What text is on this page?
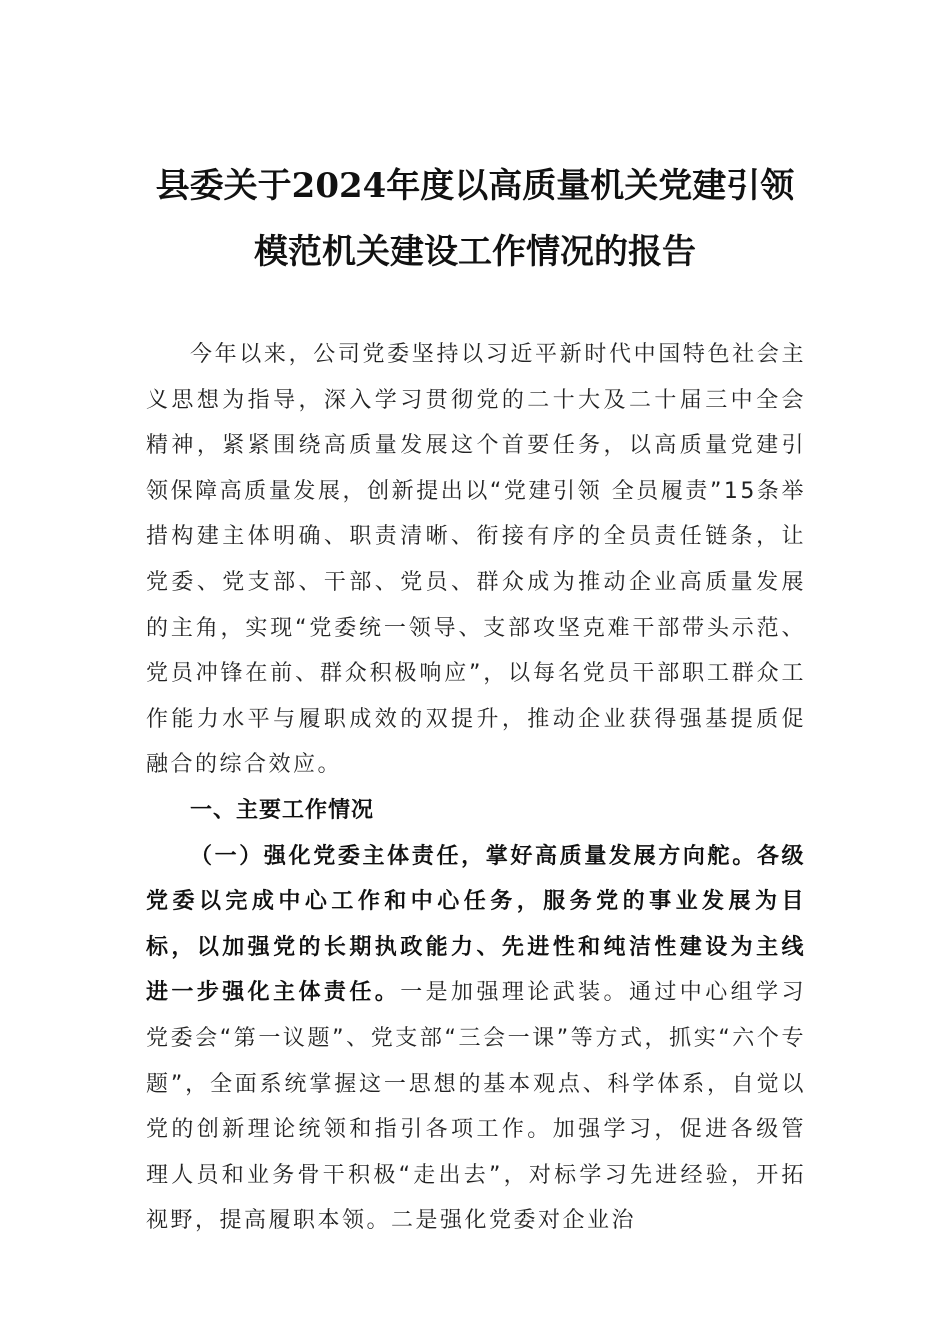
县委关于2024年度以高质量机关党建引领
模范机关建设工作情况的报告

今年以来，公司党委坚持以习近平新时代中国特色社会主义思想为指导，深入学习贯彻党的二十大及二十届三中全会精神，紧紧围绕高质量发展这个首要任务，以高质量党建引领保障高质量发展，创新提出以“党建引领 全员履责”15条举措构建主体明确、职责清晰、衔接有序的全员责任链条，让党委、党支部、干部、党员、群众成为推动企业高质量发展的主角，实现“党委统一领导、支部攻坚克难干部带头示范、党员冲锋在前、群众积极响应”，以每名党员干部职工群众工作能力水平与履职成效的双提升，推动企业获得强基提质促融合的综合效应。

一、主要工作情况

（一）强化党委主体责任，掌好高质量发展方向舵。各级党委以完成中心工作和中心任务，服务党的事业发展为目标，以加强党的长期执政能力、先进性和纯洁性建设为主线进一步强化主体责任。一是加强理论武装。通过中心组学习党委会“第一议题”、党支部“三会一课”等方式，抓实“六个专题”，全面系统掌握这一思想的基本观点、科学体系，自觉以党的创新理论统领和指引各项工作。加强学习，促进各级管理人员和业务骨干积极“走出去”，对标学习先进经验，开拓视野，提高履职本领。二是强化党委对企业治
